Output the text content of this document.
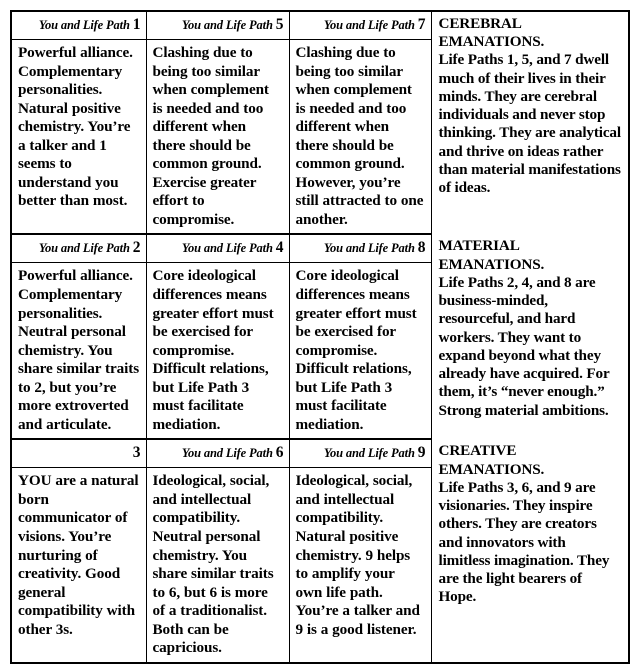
You and Life Path 1	You and Life Path 5	You and Life Path 7	CEREBRAL EMANATIONS.
Life Paths 1, 5, and 7 dwell much of their lives in their minds. They are cerebral individuals and never stop thinking. They are analytical and thrive on ideas rather than material manifestations of ideas.
Powerful alliance. Complementary personalities. Natural positive chemistry. You’re a talker and 1 seems to understand you better than most.	Clashing due to being too similar when complement is needed and too different when there should be common ground. Exercise greater effort to compromise.	Clashing due to being too similar when complement is needed and too different when there should be common ground. However, you’re still attracted to one another.	
You and Life Path 2	You and Life Path 4	You and Life Path 8	MATERIAL EMANATIONS.
Life Paths 2, 4, and 8 are business-minded, resourceful, and hard workers. They want to expand beyond what they already have acquired. For them, it’s “never enough.” Strong material ambitions.
Powerful alliance. Complementary personalities. Neutral personal chemistry. You share similar traits to 2, but you’re more extroverted and articulate.	Core ideological differences means greater effort must be exercised for compromise. Difficult relations, but Life Path 3 must facilitate mediation.	Core ideological differences means greater effort must be exercised for compromise. Difficult relations, but Life Path 3 must facilitate mediation.	
3	You and Life Path 6	You and Life Path 9	CREATIVE EMANATIONS.
Life Paths 3, 6, and 9 are visionaries. They inspire others. They are creators and innovators with limitless imagination. They are the light bearers of Hope.
YOU are a natural born communicator of visions. You’re nurturing of creativity. Good general compatibility with other 3s.	Ideological, social, and intellectual compatibility. Neutral personal chemistry. You share similar traits to 6, but 6 is more of a traditionalist. Both can be capricious.	Ideological, social, and intellectual compatibility. Natural positive chemistry. 9 helps to amplify your own life path. You’re a talker and 9 is a good listener.	
